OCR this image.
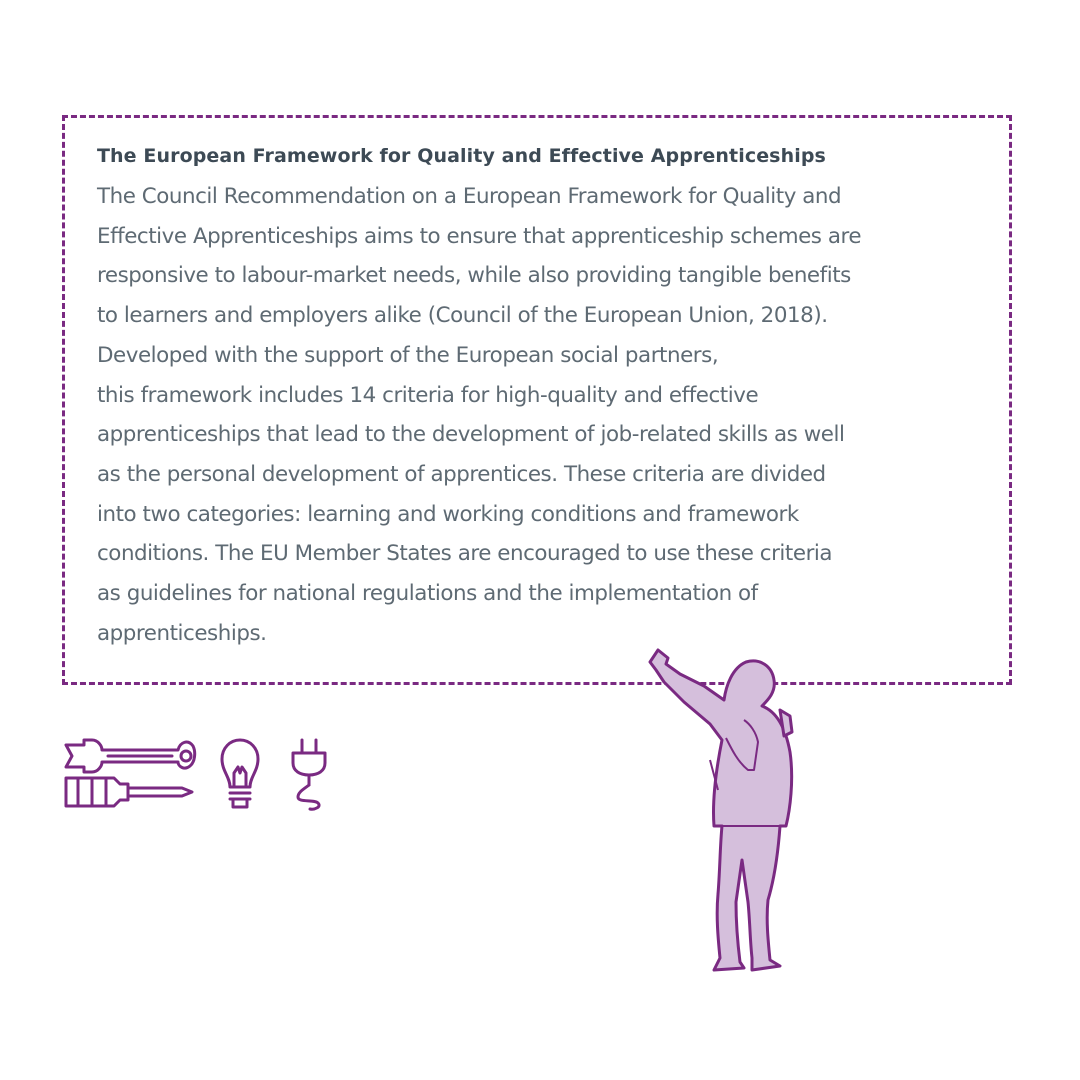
The European Framework for Quality and Effective Apprenticeships

The Council Recommendation on a European Framework for Quality and
Effective Apprenticeships aims to ensure that apprenticeship schemes are
responsive to labour-market needs, while also providing tangible benefits
to learners and employers alike (Council of the European Union, 2018).
Developed with the support of the European social partners,
this framework includes 14 criteria for high-quality and effective
apprenticeships that lead to the development of job-related skills as well
as the personal development of apprentices. These criteria are divided
into two categories: learning and working conditions and framework
conditions. The EU Member States are encouraged to use these criteria
as guidelines for national regulations and the implementation of
apprenticeships.
